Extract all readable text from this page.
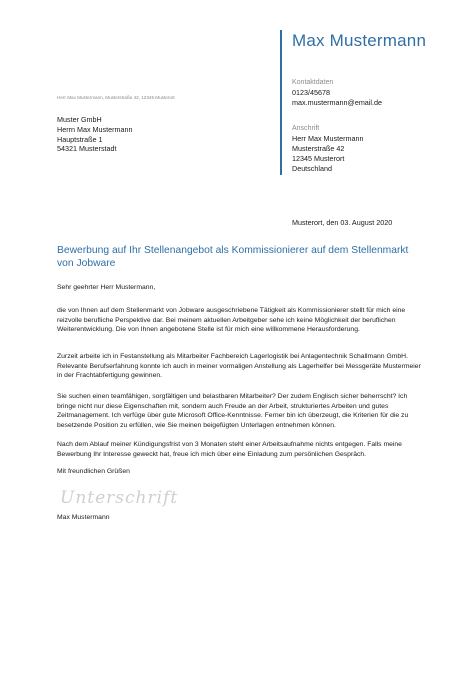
Max Mustermann
Kontaktdaten
0123/45678
max.mustermann@email.de
Anschrift
Herr Max Mustermann
Musterstraße 42
12345 Musterort
Deutschland
Herr Max Mustermann, Musterstraße 42, 12345 Musterort
Muster GmbH
Herrn Max Mustermann
Hauptstraße 1
54321 Musterstadt
Musterort, den 03. August 2020
Bewerbung auf Ihr Stellenangebot als Kommissionierer auf dem Stellenmarkt von Jobware
Sehr geehrter Herr Mustermann,
die von Ihnen auf dem Stellenmarkt von Jobware ausgeschriebene Tätigkeit als Kommissionierer stellt für mich eine reizvolle berufliche Perspektive dar. Bei meinem aktuellen Arbeitgeber sehe ich keine Möglichkeit der beruflichen Weiterentwicklung. Die von Ihnen angebotene Stelle ist für mich eine willkommene Herausforderung.
Zurzeit arbeite ich in Festanstellung als Mitarbeiter Fachbereich Lagerlogistik bei Anlagentechnik Schallmann GmbH. Relevante Berufserfahrung konnte ich auch in meiner vormaligen Anstellung als Lagerhelfer bei Messgeräte Mustermeier in der Frachtabfertigung gewinnen.
Sie suchen einen teamfähigen, sorgfältigen und belastbaren Mitarbeiter? Der zudem Englisch sicher beherrscht? Ich bringe nicht nur diese Eigenschaften mit, sondern auch Freude an der Arbeit, strukturiertes Arbeiten und gutes Zeitmanagement. Ich verfüge über gute Microsoft Office-Kenntnisse. Ferner bin ich überzeugt, die Kriterien für die zu besetzende Position zu erfüllen, wie Sie meinen beigefügten Unterlagen entnehmen können.
Nach dem Ablauf meiner Kündigungsfrist von 3 Monaten steht einer Arbeitsaufnahme nichts entgegen. Falls meine Bewerbung Ihr Interesse geweckt hat, freue ich mich über eine Einladung zum persönlichen Gespräch.
Mit freundlichen Grüßen
Unterschrift
Max Mustermann
